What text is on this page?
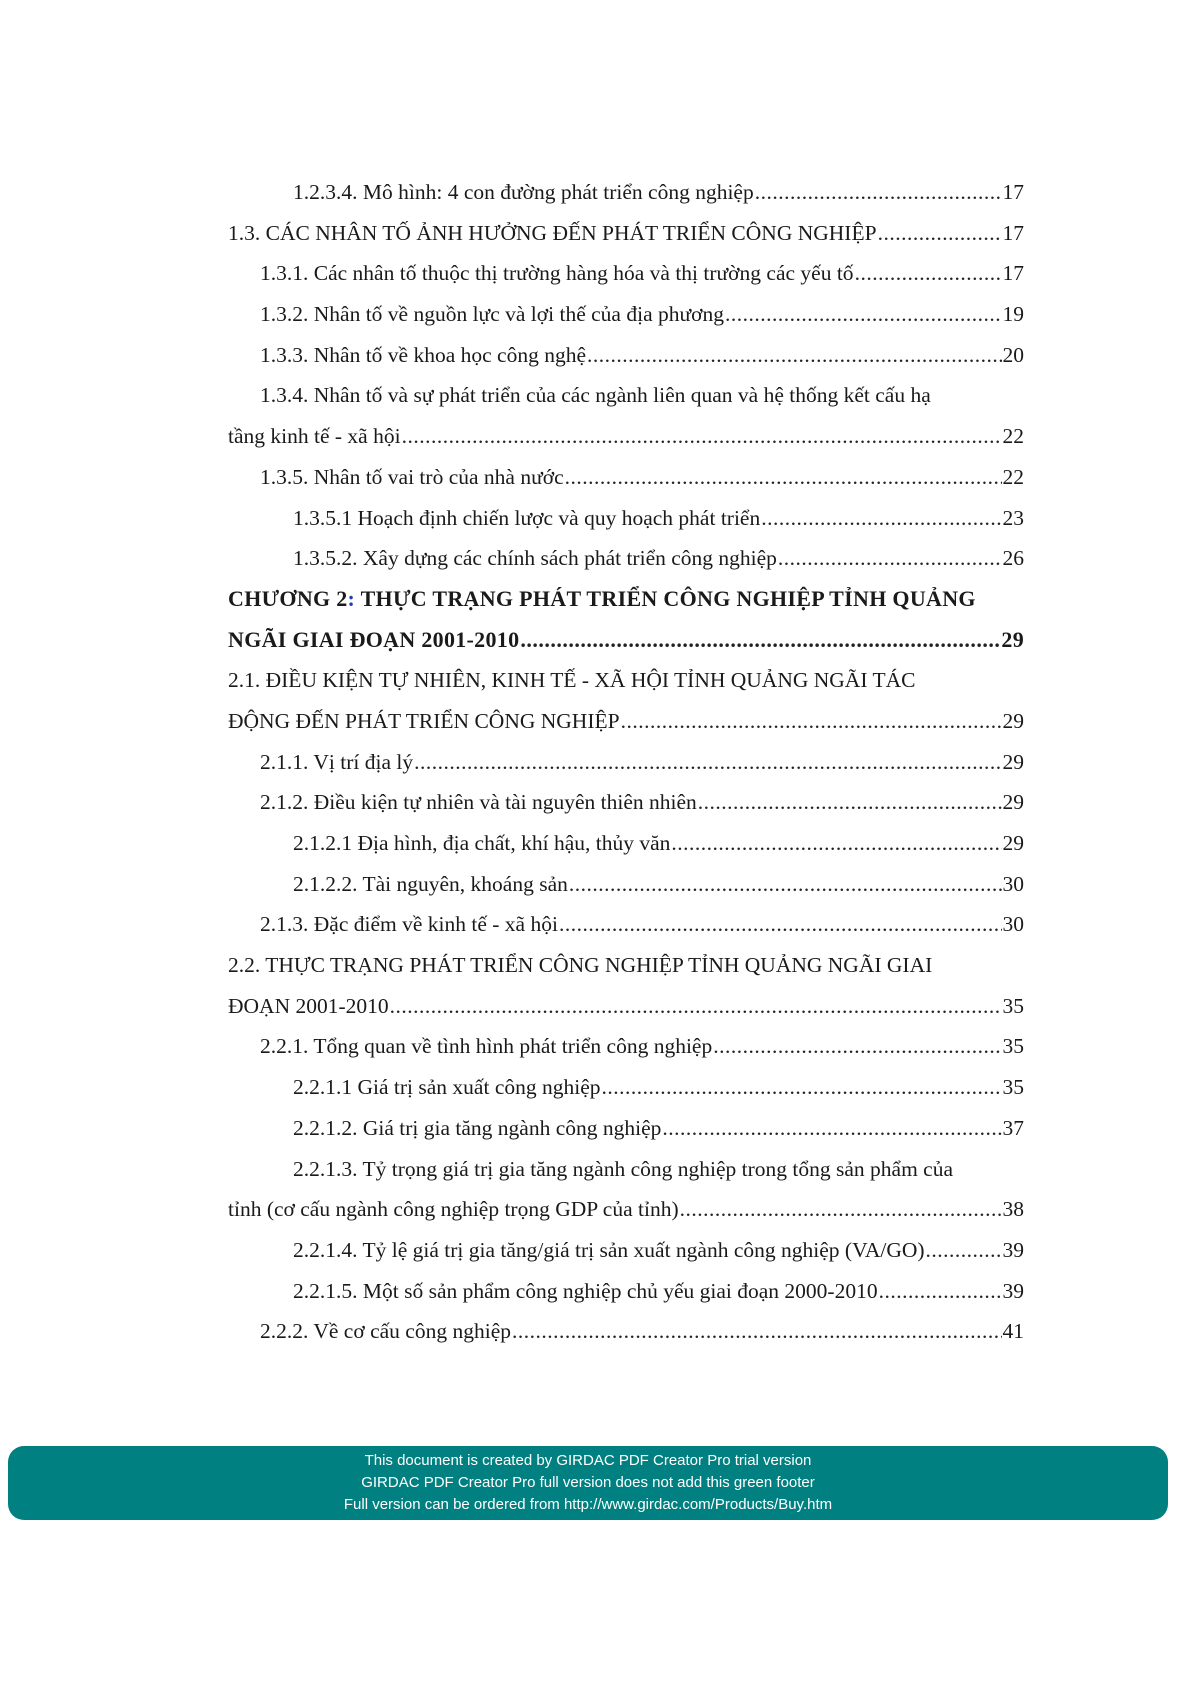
1.2.3.4. Mô hình: 4 con đường phát triển công nghiệp .....	17
1.3. CÁC NHÂN TỐ ẢNH HƯỞNG ĐẾN PHÁT TRIỂN CÔNG NGHIỆP .....	17
1.3.1. Các nhân tố thuộc thị trường hàng hóa và thị trường các yếu tố .....	17
1.3.2. Nhân tố về nguồn lực và lợi thế của địa phương .....	19
1.3.3. Nhân tố về khoa học công nghệ .....	20
1.3.4. Nhân tố và sự phát triển của các ngành liên quan và hệ thống kết cấu hạ
tầng kinh tế - xã hội .....	22
1.3.5. Nhân tố vai trò của nhà nước .....	22
1.3.5.1 Hoạch định chiến lược và quy hoạch phát triển .....	23
1.3.5.2. Xây dựng các chính sách phát triển công nghiệp .....	26
CHƯƠNG 2: THỰC TRẠNG PHÁT TRIỂN CÔNG NGHIỆP TỈNH QUẢNG
NGÃI GIAI ĐOẠN 2001-2010 .....	29
2.1. ĐIỀU KIỆN TỰ NHIÊN, KINH TẾ - XÃ HỘI TỈNH QUẢNG NGÃI TÁC
ĐỘNG ĐẾN PHÁT TRIỂN CÔNG NGHIỆP .....	29
2.1.1. Vị trí địa lý .....	29
2.1.2. Điều kiện tự nhiên và tài nguyên thiên nhiên .....	29
2.1.2.1 Địa hình, địa chất, khí hậu, thủy văn .....	29
2.1.2.2. Tài nguyên, khoáng sản .....	30
2.1.3. Đặc điểm về kinh tế - xã hội .....	30
2.2. THỰC TRẠNG PHÁT TRIỂN CÔNG NGHIỆP TỈNH QUẢNG NGÃI GIAI
ĐOẠN 2001-2010 .....	35
2.2.1. Tổng quan về tình hình phát triển công nghiệp .....	35
2.2.1.1 Giá trị sản xuất công nghiệp .....	35
2.2.1.2. Giá trị gia tăng ngành công nghiệp .....	37
2.2.1.3. Tỷ trọng giá trị gia tăng ngành công nghiệp trong tổng sản phẩm của
tỉnh (cơ cấu ngành công nghiệp trọng GDP của tỉnh) .....	38
2.2.1.4. Tỷ lệ giá trị gia tăng/giá trị sản xuất ngành công nghiệp (VA/GO) .....	39
2.2.1.5. Một số sản phẩm công nghiệp chủ yếu giai đoạn 2000-2010 .....	39
2.2.2. Về cơ cấu công nghiệp .....	41
This document is created by GIRDAC PDF Creator Pro trial version
GIRDAC PDF Creator Pro full version does not add this green footer
Full version can be ordered from http://www.girdac.com/Products/Buy.htm
